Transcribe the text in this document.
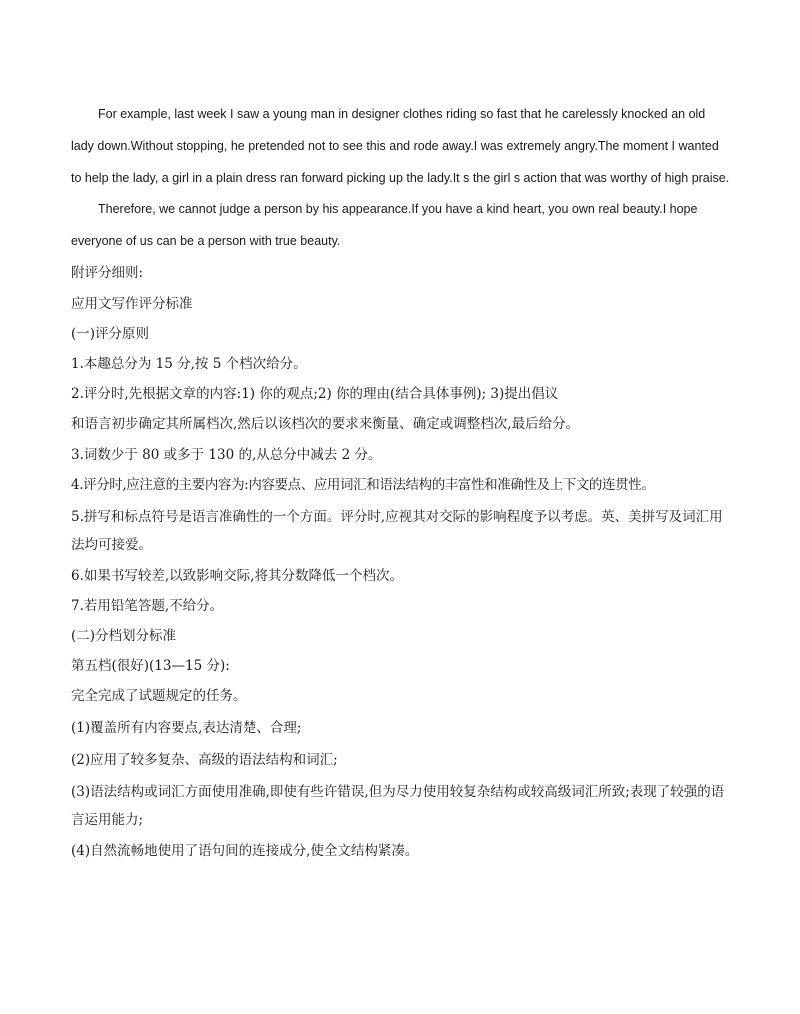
For example, last week I saw a young man in designer clothes riding so fast that he carelessly knocked an old lady down.Without stopping, he pretended not to see this and rode away.I was extremely angry.The moment I wanted to help the lady, a girl in a plain dress ran forward picking up the lady.It s the girl s action that was worthy of high praise.

Therefore, we cannot judge a person by his appearance.If you have a kind heart, you own real beauty.I hope everyone of us can be a person with true beauty.

附评分细则:

应用文写作评分标准

(一)评分原则

1.本趣总分为 15 分,按 5 个档次给分。

2.评分时,先根据文章的内容:1) 你的观点;2) 你的理由(结合具体事例); 3)提出倡议

和语言初步确定其所属档次,然后以该档次的要求来衡量、确定或调整档次,最后给分。

3.词数少于 80 或多于 130 的,从总分中减去 2 分。

4.评分时,应注意的主要内容为:内容要点、应用词汇和语法结构的丰富性和准确性及上下文的连贯性。

5.拼写和标点符号是语言准确性的一个方面。评分时,应视其对交际的影响程度予以考虑。英、美拼写及词汇用法均可接爱。

6.如果书写较差,以致影响交际,将其分数降低一个档次。

7.若用铅笔答题,不给分。

(二)分档划分标准

第五档(很好)(13—15 分):

完全完成了试题规定的任务。

(1)覆盖所有内容要点,表达清楚、合理;

(2)应用了较多复杂、高级的语法结构和词汇;

(3)语法结构或词汇方面使用准确,即使有些许错误,但为尽力使用较复杂结构或较高级词汇所致;表现了较强的语言运用能力;

(4)自然流畅地使用了语句间的连接成分,使全文结构紧凑。
